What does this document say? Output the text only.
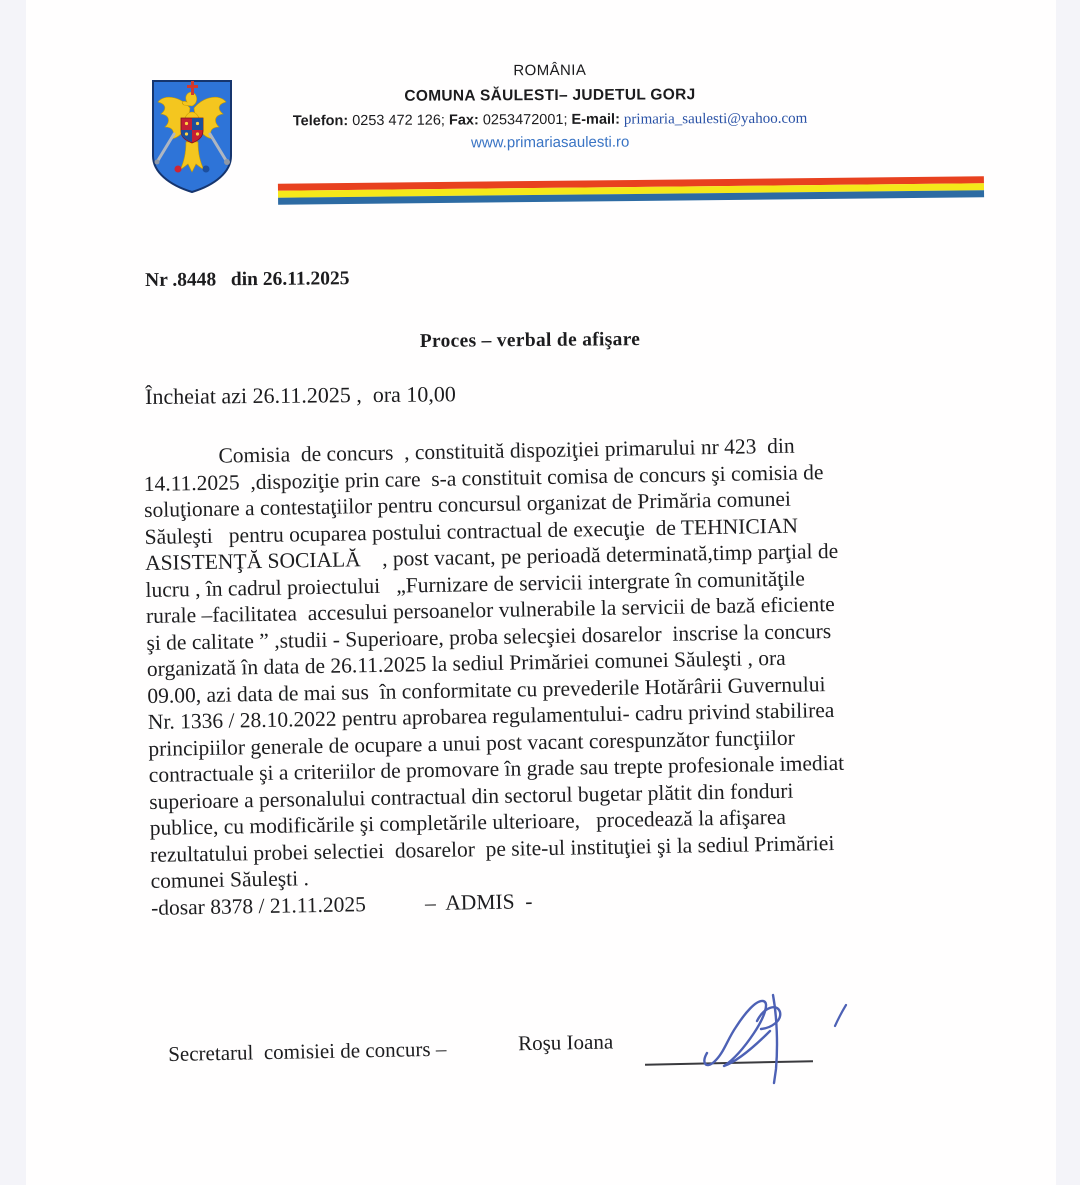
ROMÂNIA
COMUNA SĂULESTI– JUDETUL GORJ
Telefon: 0253 472 126; Fax: 0253472001; E-mail: primaria_saulesti@yahoo.com
www.primariasaulesti.ro
Nr .8448   din 26.11.2025
Proces – verbal de afişare
Încheiat azi 26.11.2025 ,  ora 10,00
Comisia  de concurs  , constituită dispoziţiei primarului nr 423  din
14.11.2025  ,dispoziţie prin care  s-a constituit comisa de concurs şi comisia de
soluţionare a contestaţiilor pentru concursul organizat de Primăria comunei
Săuleşti   pentru ocuparea postului contractual de execuţie  de TEHNICIAN
ASISTENŢĂ SOCIALĂ    , post vacant, pe perioadă determinată,timp parţial de
lucru , în cadrul proiectului   „Furnizare de servicii intergrate în comunităţile
rurale –facilitatea  accesului persoanelor vulnerabile la servicii de bază eficiente
şi de calitate ” ,studii - Superioare, proba selecşiei dosarelor  inscrise la concurs
organizată în data de 26.11.2025 la sediul Primăriei comunei Săuleşti , ora
09.00, azi data de mai sus  în conformitate cu prevederile Hotărârii Guvernului
Nr. 1336 / 28.10.2022 pentru aprobarea regulamentului- cadru privind stabilirea
principiilor generale de ocupare a unui post vacant corespunzător funcţiilor
contractuale şi a criteriilor de promovare în grade sau trepte profesionale imediat
superioare a personalului contractual din sectorul bugetar plătit din fonduri
publice, cu modificările şi completările ulterioare,   procedează la afişarea
rezultatului probei selectiei  dosarelor  pe site-ul instituţiei şi la sediul Primăriei
comunei Săuleşti .
-dosar 8378 / 21.11.2025           –  ADMIS  -
Secretarul  comisiei de concurs –	Roşu Ioana
